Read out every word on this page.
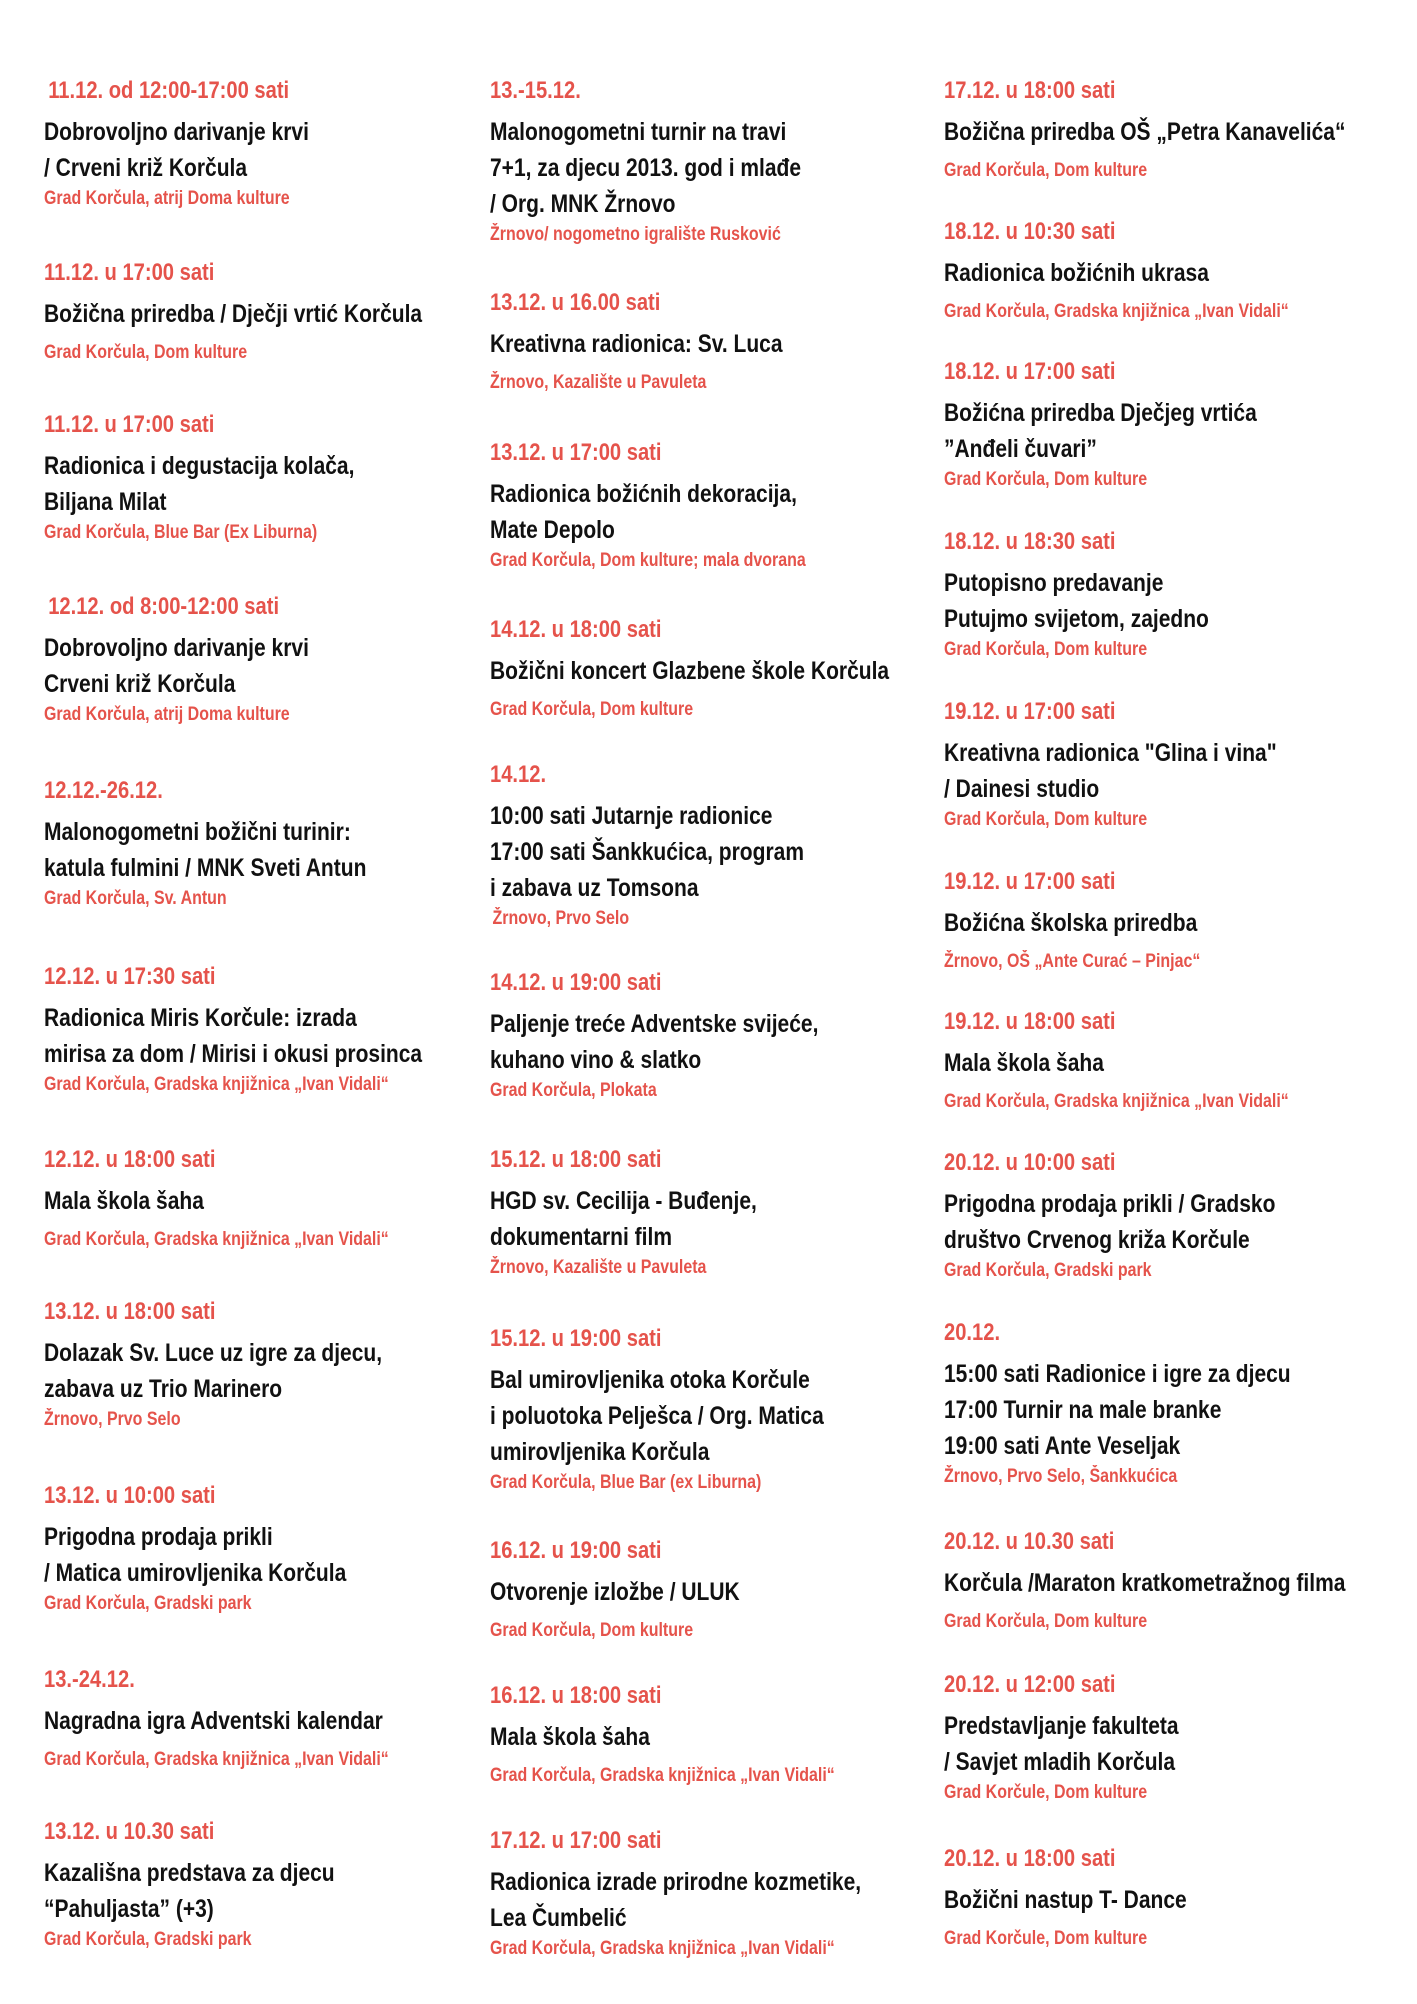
11.12. od 12:00-17:00 sati
Dobrovoljno darivanje krvi
/ Crveni križ Korčula
Grad Korčula, atrij Doma kulture
11.12. u 17:00 sati
Božična priredba / Dječji vrtić Korčula
Grad Korčula, Dom kulture
11.12. u 17:00 sati
Radionica i degustacija kolača,
Biljana Milat
Grad Korčula, Blue Bar (Ex Liburna)
12.12. od 8:00-12:00 sati
Dobrovoljno darivanje krvi
Crveni križ Korčula
Grad Korčula, atrij Doma kulture
12.12.-26.12.
Malonogometni božični turinir:
katula fulmini / MNK Sveti Antun
Grad Korčula, Sv. Antun
12.12. u 17:30 sati
Radionica Miris Korčule: izrada
mirisa za dom / Mirisi i okusi prosinca
Grad Korčula, Gradska knjižnica „Ivan Vidali“
12.12. u 18:00 sati
Mala škola šaha
Grad Korčula, Gradska knjižnica „Ivan Vidali“
13.12. u 18:00 sati
Dolazak Sv. Luce uz igre za djecu,
zabava uz Trio Marinero
Žrnovo, Prvo Selo
13.12. u 10:00 sati
Prigodna prodaja prikli
/ Matica umirovljenika Korčula
Grad Korčula, Gradski park
13.-24.12.
Nagradna igra Adventski kalendar
Grad Korčula, Gradska knjižnica „Ivan Vidali“
13.12. u 10.30 sati
Kazališna predstava za djecu
“Pahuljasta” (+3)
Grad Korčula, Gradski park
13.-15.12.
Malonogometni turnir na travi
7+1, za djecu 2013. god i mlađe
/ Org. MNK Žrnovo
Žrnovo/ nogometno igralište Rusković
13.12. u 16.00 sati
Kreativna radionica: Sv. Luca
Žrnovo, Kazalište u Pavuleta
13.12. u 17:00 sati
Radionica božićnih dekoracija,
Mate Depolo
Grad Korčula, Dom kulture; mala dvorana
14.12. u 18:00 sati
Božični koncert Glazbene škole Korčula
Grad Korčula, Dom kulture
14.12.
10:00 sati Jutarnje radionice
17:00 sati Šankkućica, program
i zabava uz Tomsona
Žrnovo, Prvo Selo
14.12. u 19:00 sati
Paljenje treće Adventske svijeće,
kuhano vino & slatko
Grad Korčula, Plokata
15.12. u 18:00 sati
HGD sv. Cecilija - Buđenje,
dokumentarni film
Žrnovo, Kazalište u Pavuleta
15.12. u 19:00 sati
Bal umirovljenika otoka Korčule
i poluotoka Pelješca / Org. Matica
umirovljenika Korčula
Grad Korčula, Blue Bar (ex Liburna)
16.12. u 19:00 sati
Otvorenje izložbe / ULUK
Grad Korčula, Dom kulture
16.12. u 18:00 sati
Mala škola šaha
Grad Korčula, Gradska knjižnica „Ivan Vidali“
17.12. u 17:00 sati
Radionica izrade prirodne kozmetike,
Lea Čumbelić
Grad Korčula, Gradska knjižnica „Ivan Vidali“
17.12. u 18:00 sati
Božična priredba OŠ „Petra Kanavelića“
Grad Korčula, Dom kulture
18.12. u 10:30 sati
Radionica božićnih ukrasa
Grad Korčula, Gradska knjižnica „Ivan Vidali“
18.12. u 17:00 sati
Božićna priredba Dječjeg vrtića
”Anđeli čuvari”
Grad Korčula, Dom kulture
18.12. u 18:30 sati
Putopisno predavanje
Putujmo svijetom, zajedno
Grad Korčula, Dom kulture
19.12. u 17:00 sati
Kreativna radionica "Glina i vina"
/ Dainesi studio
Grad Korčula, Dom kulture
19.12. u 17:00 sati
Božićna školska priredba
Žrnovo, OŠ „Ante Curać – Pinjac“
19.12. u 18:00 sati
Mala škola šaha
Grad Korčula, Gradska knjižnica „Ivan Vidali“
20.12. u 10:00 sati
Prigodna prodaja prikli / Gradsko
društvo Crvenog križa Korčule
Grad Korčula, Gradski park
20.12.
15:00 sati Radionice i igre za djecu
17:00 Turnir na male branke
19:00 sati Ante Veseljak
Žrnovo, Prvo Selo, Šankkućica
20.12. u 10.30 sati
Korčula /Maraton kratkometražnog filma
Grad Korčula, Dom kulture
20.12. u 12:00 sati
Predstavljanje fakulteta
/ Savjet mladih Korčula
Grad Korčule, Dom kulture
20.12. u 18:00 sati
Božični nastup T- Dance
Grad Korčule, Dom kulture
